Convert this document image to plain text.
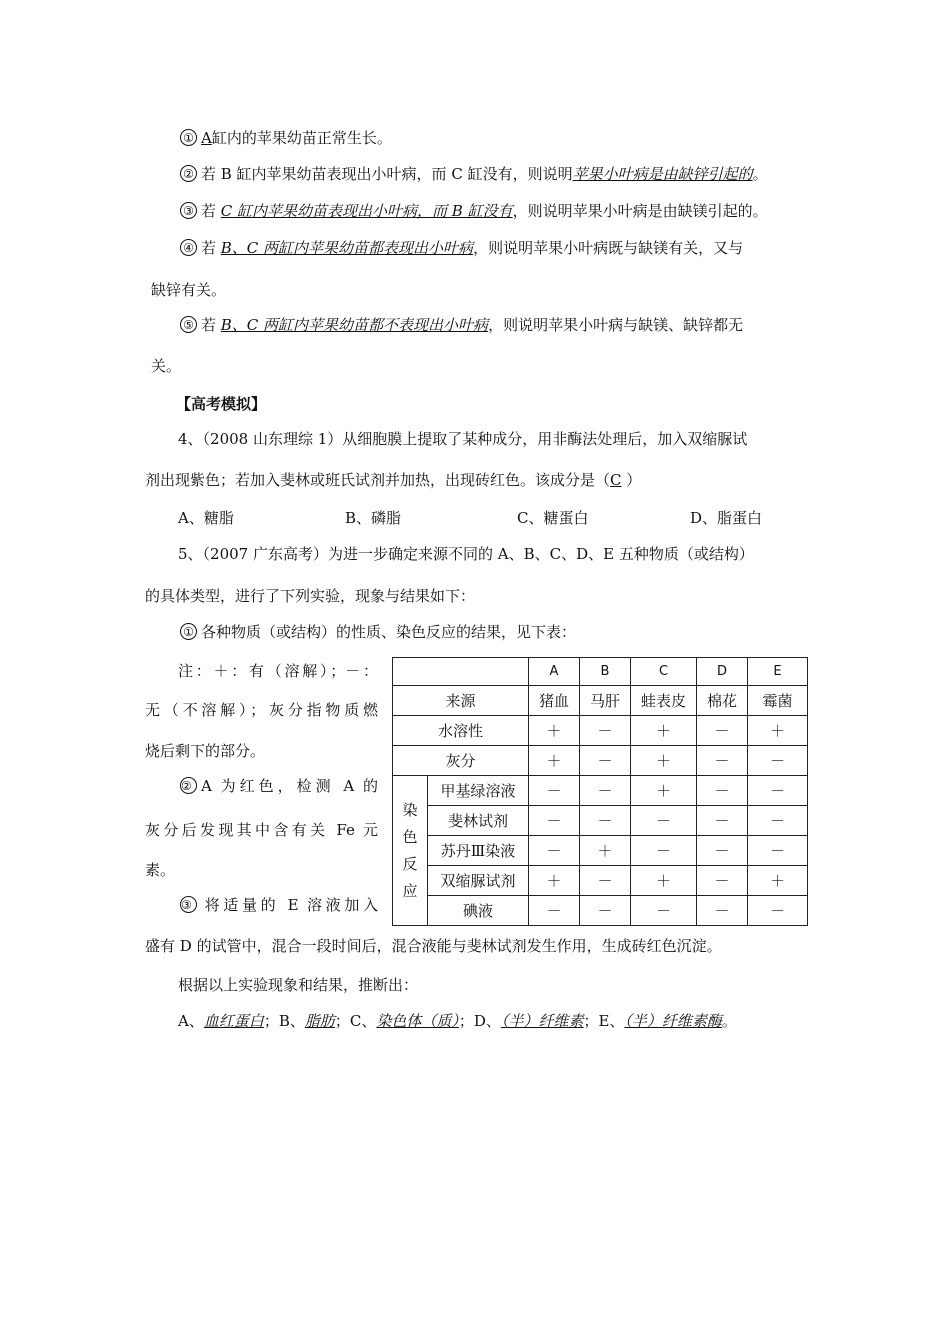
① A缸内的苹果幼苗正常生长。
② 若 B 缸内苹果幼苗表现出小叶病，而 C 缸没有，则说明苹果小叶病是由缺锌引起的。
③ 若 C 缸内苹果幼苗表现出小叶病，而 B 缸没有，则说明苹果小叶病是由缺镁引起的。
④ 若 B、C 两缸内苹果幼苗都表现出小叶病，则说明苹果小叶病既与缺镁有关，又与
缺锌有关。
⑤ 若 B、C 两缸内苹果幼苗都不表现出小叶病，则说明苹果小叶病与缺镁、缺锌都无
关。
【高考模拟】
4、（2008 山东理综 1）从细胞膜上提取了某种成分，用非酶法处理后，加入双缩脲试
剂出现紫色；若加入斐林或班氏试剂并加热，出现砖红色。该成分是（C ）
A、糖脂	B、磷脂	C、糖蛋白	D、脂蛋白
5、（2007 广东高考）为进一步确定来源不同的 A、B、C、D、E 五种物质（或结构）
的具体类型，进行了下列实验，现象与结果如下：
① 各种物质（或结构）的性质、染色反应的结果，见下表：
注：＋：有（溶解）；－：
无（不溶解）；灰分指物质燃
烧后剩下的部分。
② A 为红色，检测 A 的
灰分后发现其中含有关 Fe 元
素。
③ 将适量的 E 溶液加入
盛有 D 的试管中，混合一段时间后，混合液能与斐林试剂发生作用，生成砖红色沉淀。
根据以上实验现象和结果，推断出：
A、血红蛋白；B、脂肪；C、染色体（质）；D、（半）纤维素；E、（半）纤维素酶。
		A	B	C	D	E
来源		猪血	马肝	蛙表皮	棉花	霉菌
水溶性		＋	－	＋	－	＋
灰分		＋	－	＋	－	－

染
色
反
应	甲基绿溶液	－	－	＋	－	－
	斐林试剂	－	－	－	－	－
	苏丹Ⅲ染液	－	＋	－	－	－
	双缩脲试剂	＋	－	＋	－	＋
	碘液	－	－	－	－	－
